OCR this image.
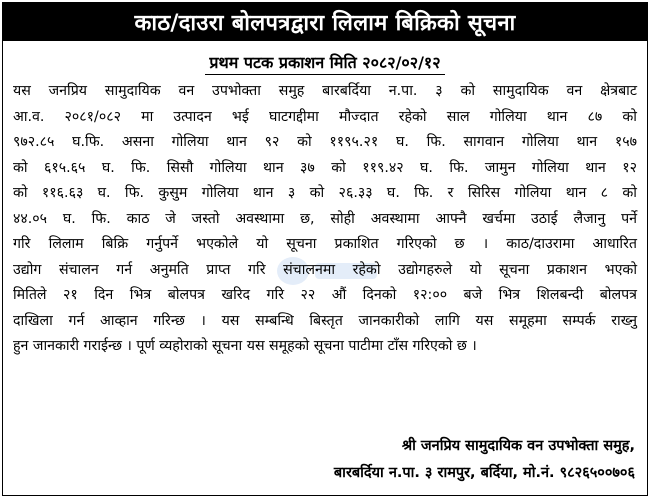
काठ/दाउरा बोलपत्रद्वारा लिलाम बिक्रिको सूचना
प्रथम पटक प्रकाशन मिति २०८२/०२/१२
यस जनप्रिय सामुदायिक वन उपभोक्ता समुह बारबर्दिया न.पा. ३ को सामुदायिक वन क्षेत्रबाट
आ.व. २०८१/०८२ मा उत्पादन भई घाटगद्दीमा मौज्दात रहेको साल गोलिया थान ८७ को
९७२.८५ घ.फि. असना गोलिया थान ९२ को ११९५.२१ घ. फि. सागवान गोलिया थान १५७
को ६१५.६५ घ. फि. सिसौ गोलिया थान ३७ को ११९.४२ घ. फि. जामुन गोलिया थान १२
को ११६.६३ घ. फि. कुसुम गोलिया थान ३ को २६.३३ घ. फि. र सिरिस गोलिया थान ८ को
४४.०५ घ. फि. काठ जे जस्तो अवस्थामा छ, सोही अवस्थामा आफ्नै खर्चमा उठाई लैजानु पर्ने
गरि लिलाम बिक्रि गर्नुपर्ने भएकोले यो सूचना प्रकाशित गरिएको छ । काठ/दाउरामा आधारित
उद्योग संचालन गर्न अनुमति प्राप्त गरि संचालनमा रहेको उद्योगहरुले यो सूचना प्रकाशन भएको
मितिले २१ दिन भित्र बोलपत्र खरिद गरि २२ औं दिनको १२:०० बजे भित्र शिलबन्दी बोलपत्र
दाखिला गर्न आव्हान गरिन्छ । यस सम्बन्धि बिस्तृत जानकारीको लागि यस समूहमा सम्पर्क राख्नु
हुन जानकारी गराईन्छ । पूर्ण व्यहोराको सूचना यस समूहको सूचना पाटीमा टाँस गरिएको छ ।
श्री जनप्रिय सामुदायिक वन उपभोक्ता समुह,
बारबर्दिया न.पा. ३ रामपुर, बर्दिया, मो.नं. ९८२६५००७०६
